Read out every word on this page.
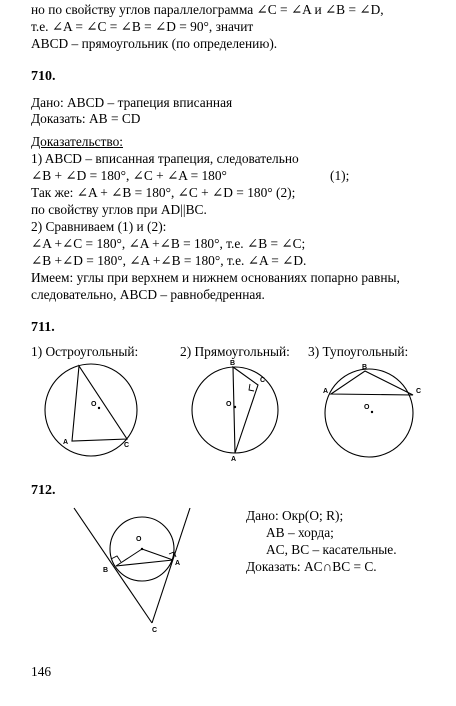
но по свойству углов параллелограмма ∠C = ∠A и ∠B = ∠D,
т.е. ∠A = ∠C = ∠B = ∠D = 90°, значит
ABCD – прямоугольник (по определению).
710.
Дано: ABCD – трапеция вписанная
Доказать: AB = CD
Доказательство:
1) ABCD – вписанная трапеция, следовательно
∠B + ∠D = 180°, ∠C + ∠A = 180°	(1);
Так же: ∠A + ∠B = 180°, ∠C + ∠D = 180° (2);
по свойству углов при AD||BC.
2) Сравниваем (1) и (2):
∠A +∠C = 180°, ∠A +∠B = 180°, т.е. ∠B = ∠C;
∠B +∠D = 180°, ∠A +∠B = 180°, т.е. ∠A = ∠D.
Имеем: углы при верхнем и нижнем основаниях попарно равны,
следовательно, ABCD – равнобедренная.
711.
1) Остроугольный:	2) Прямоугольный: 3) Тупоугольный:
O
A	C
B
C
O
A
B
A	C
O
712.
O
B
A
C
Дано: Окр(O; R);
AB – хорда;
AC, BC – касательные.
Доказать: AC∩BC = C.
146
